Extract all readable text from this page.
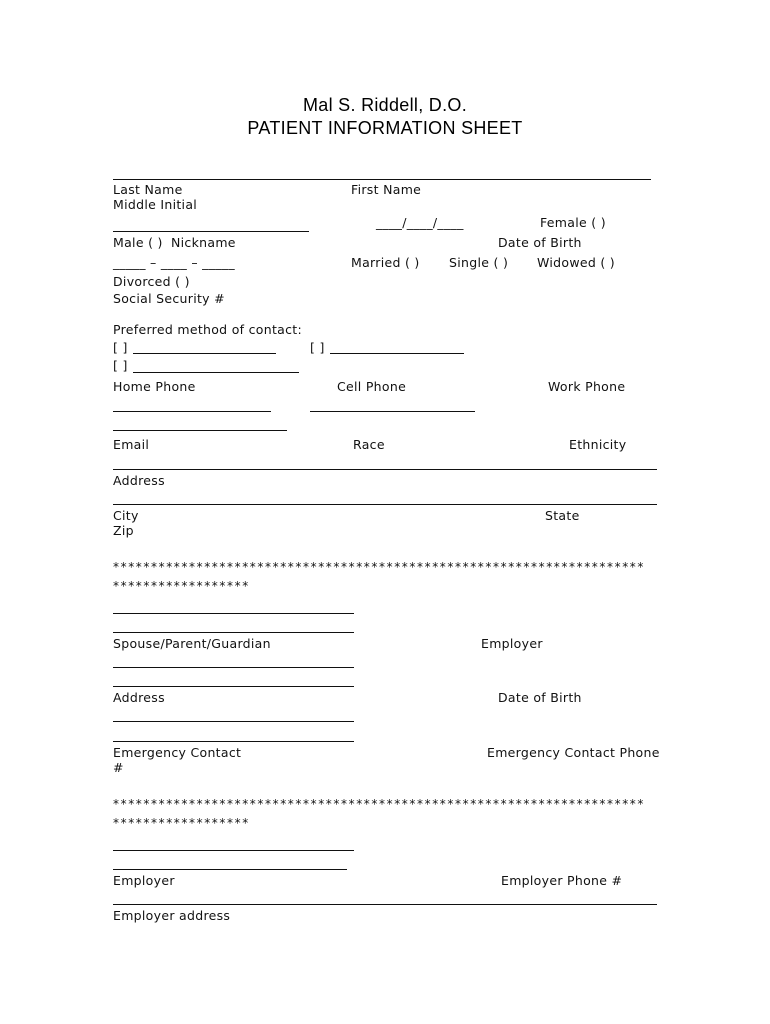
Mal S. Riddell, D.O.
PATIENT INFORMATION SHEET
Last Name	First Name
Middle Initial
____/____/____	Female ( )
Male ( ) Nickname	Date of Birth
_____ – ____ – _____	Married ( ) Single ( ) Widowed ( )
Divorced ( )
Social Security #
Preferred method of contact:
[ ]	[ ]
[ ]
Home Phone	Cell Phone	Work Phone
Email	Race	Ethnicity
Address
City	State
Zip
**********************************************************************
******************
Spouse/Parent/Guardian	Employer
Address	Date of Birth
Emergency Contact	Emergency Contact Phone
#
**********************************************************************
******************
Employer	Employer Phone #
Employer address
